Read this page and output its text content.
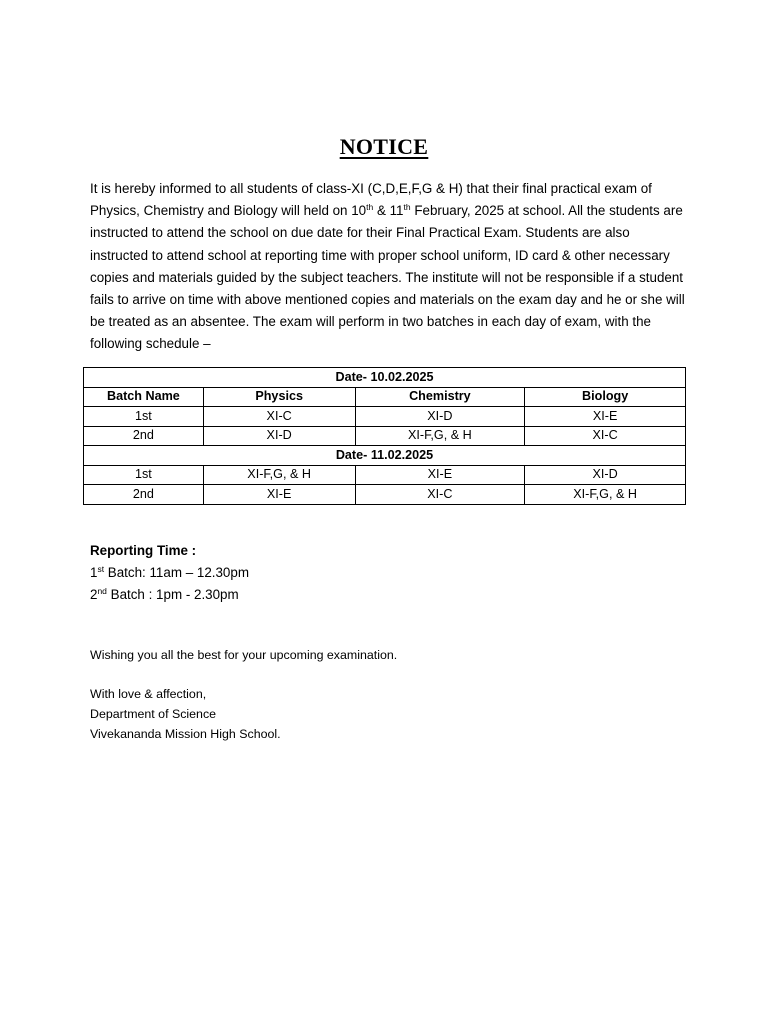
NOTICE

It is hereby informed to all students of class-XI (C,D,E,F,G & H) that their final practical exam of Physics, Chemistry and Biology will held on 10th & 11th February, 2025 at school. All the students are instructed to attend the school on due date for their Final Practical Exam. Students are also instructed to attend school at reporting time with proper school uniform, ID card & other necessary copies and materials guided by the subject teachers. The institute will not be responsible if a student fails to arrive on time with above mentioned copies and materials on the exam day and he or she will be treated as an absentee. The exam will perform in two batches in each day of exam, with the following schedule –

Date- 10.02.2025			
Batch Name	Physics	Chemistry	Biology
1st	XI-C	XI-D	XI-E
2nd	XI-D	XI-F,G, & H	XI-C
Date- 11.02.2025			
1st	XI-F,G, & H	XI-E	XI-D
2nd	XI-E	XI-C	XI-F,G, & H
Reporting Time :
1st Batch: 11am – 12.30pm
2nd Batch : 1pm - 2.30pm
Wishing you all the best for your upcoming examination.
With love & affection,
Department of Science
Vivekananda Mission High School.
